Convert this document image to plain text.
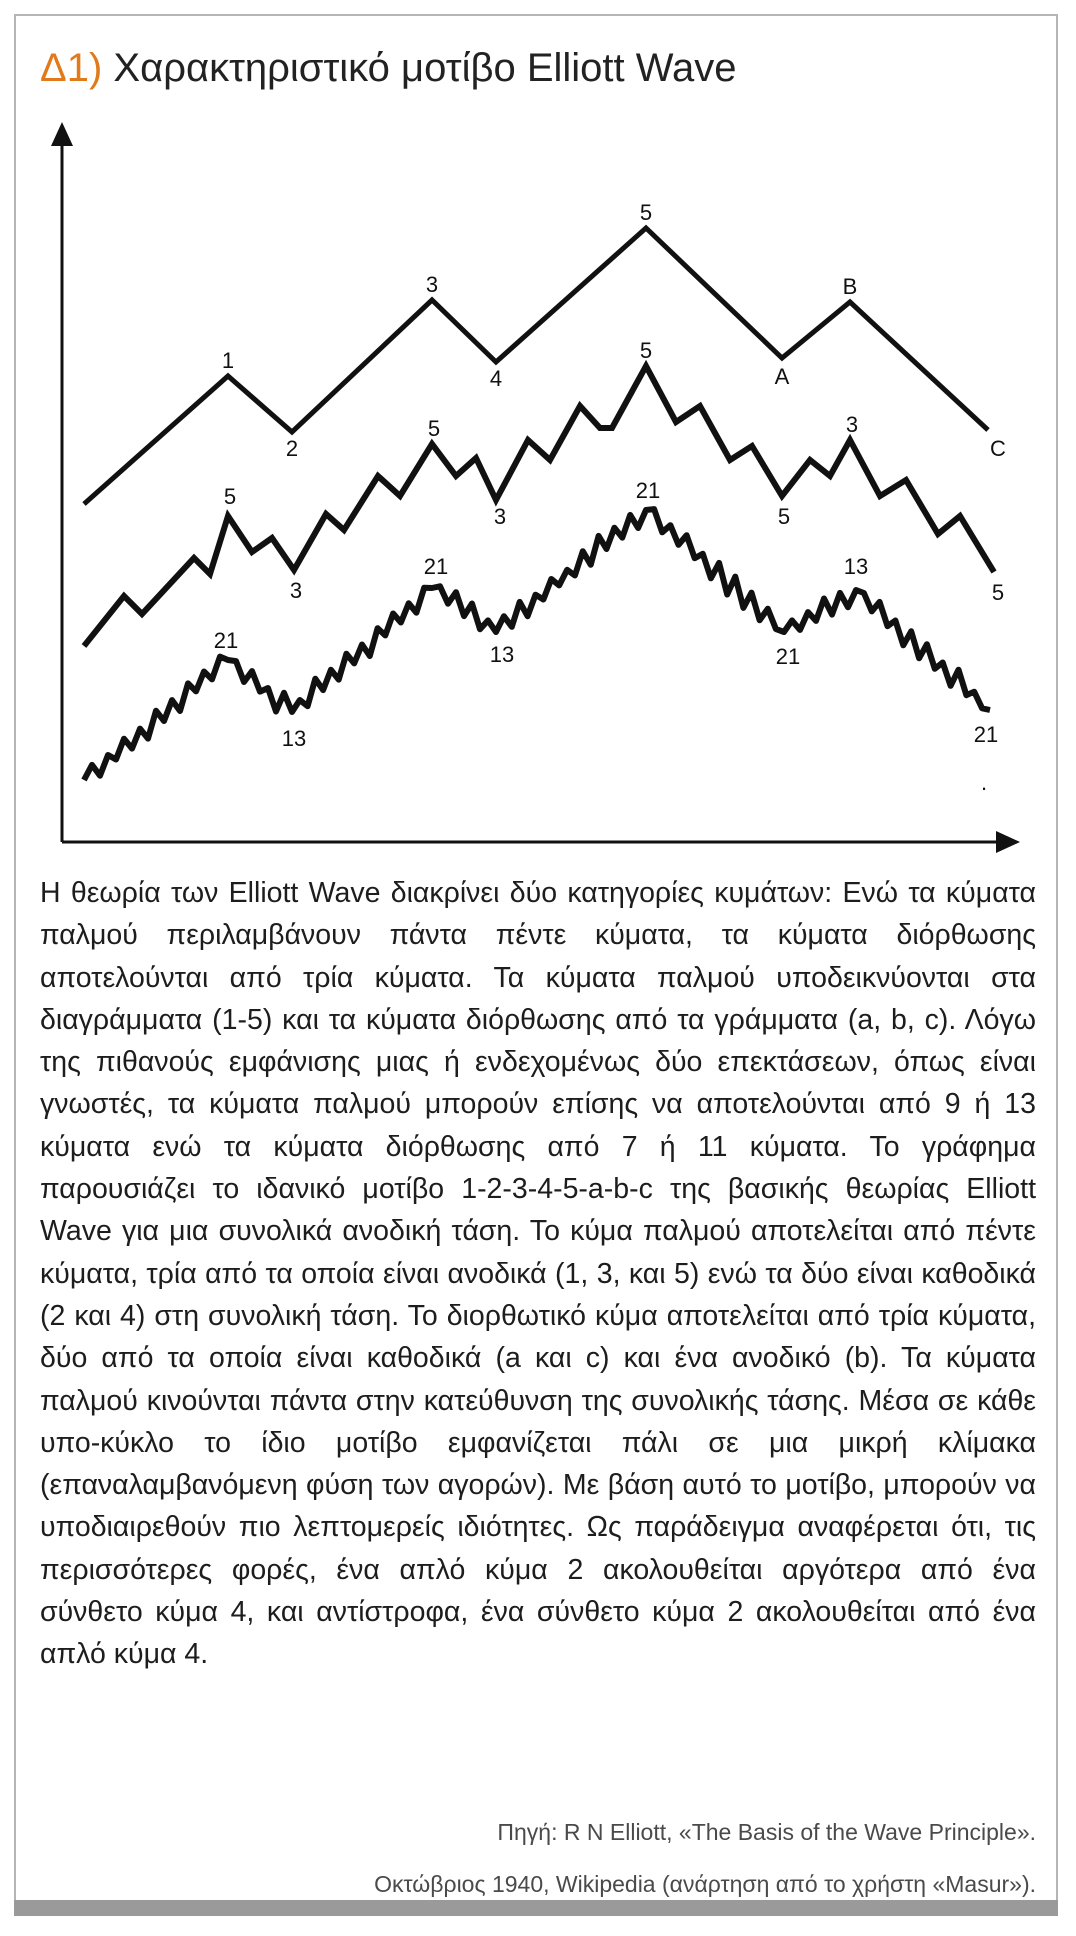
Δ1) Χαρακτηριστικό μοτίβο Elliott Wave
1
2
3
4
5
A
B
C
5
3
5
3
5
5
3
5
21
13
21
13
21
21
13
21
.
Η θεωρία των Elliott Wave διακρίνει δύο κατηγορίες κυμάτων: Ενώ τα κύματα παλμού περιλαμβάνουν πάντα πέντε κύματα, τα κύματα διόρθωσης αποτελούνται από τρία κύματα. Τα κύματα παλμού υποδεικνύονται στα διαγράμματα (1-5) και τα κύματα διόρθωσης από τα γράμματα (a, b, c). Λόγω της πιθανούς εμφάνισης μιας ή ενδεχομένως δύο επεκτάσεων, όπως είναι γνωστές, τα κύματα παλμού μπορούν επίσης να αποτελούνται από 9 ή 13 κύματα ενώ τα κύματα διόρθωσης από 7 ή 11 κύματα. Το γράφημα παρουσιάζει το ιδανικό μοτίβο 1-2-3-4-5-a-b-c της βασικής θεωρίας Elliott Wave για μια συνολικά ανοδική τάση. Το κύμα παλμού αποτελείται από πέντε κύματα, τρία από τα οποία είναι ανοδικά (1, 3, και 5) ενώ τα δύο είναι καθοδικά (2 και 4) στη συνολική τάση. Το διορθωτικό κύμα αποτελείται από τρία κύματα, δύο από τα οποία είναι καθοδικά (a και c) και ένα ανοδικό (b). Τα κύματα παλμού κινούνται πάντα στην κατεύθυνση της συνολικής τάσης. Μέσα σε κάθε υπο-κύκλο το ίδιο μοτίβο εμφανίζεται πάλι σε μια μικρή κλίμακα (επαναλαμβανόμενη φύση των αγορών). Με βάση αυτό το μοτίβο, μπορούν να υποδιαιρεθούν πιο λεπτομερείς ιδιότητες. Ως παράδειγμα αναφέρεται ότι, τις περισσότερες φορές, ένα απλό κύμα 2 ακολουθείται αργότερα από ένα σύνθετο κύμα 4, και αντίστροφα, ένα σύνθετο κύμα 2 ακολουθείται από ένα απλό κύμα 4.
Πηγή: R N Elliott, «The Basis of the Wave Principle».
Οκτώβριος 1940, Wikipedia (ανάρτηση από το χρήστη «Masur»).
